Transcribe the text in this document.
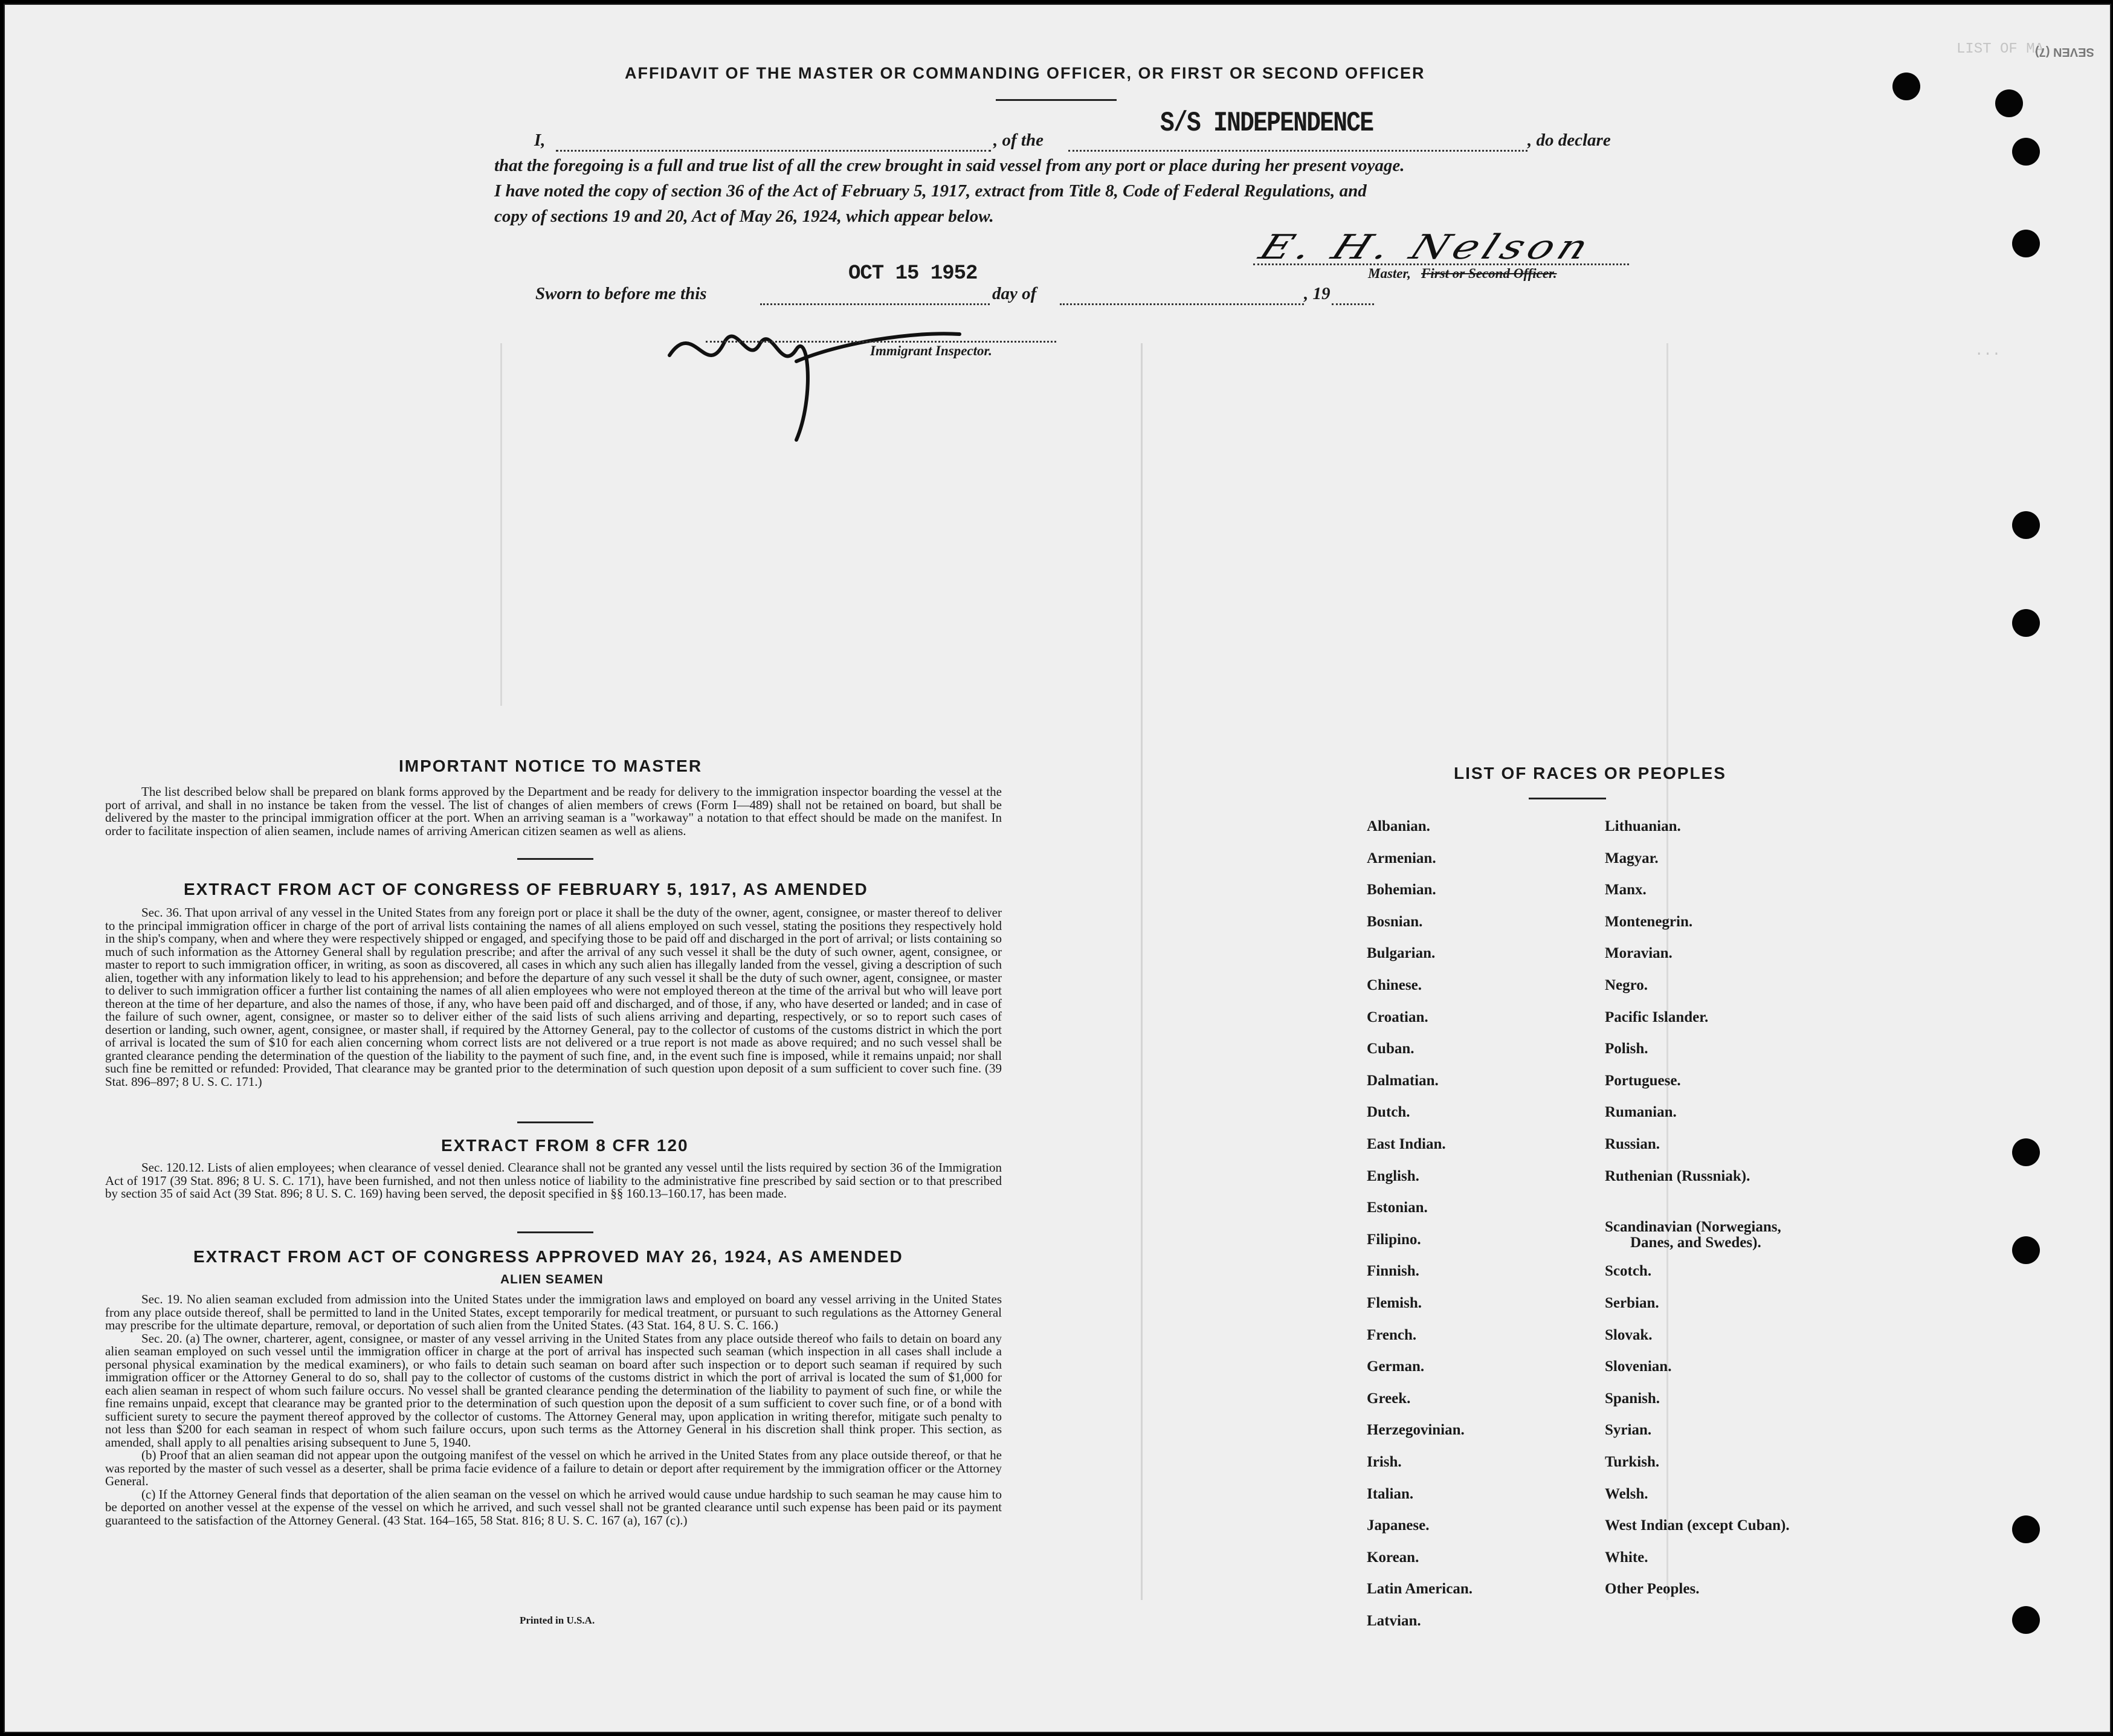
LIST OF MA
...
SEVEN (7)
AFFIDAVIT OF THE MASTER OR COMMANDING OFFICER, OR FIRST OR SECOND OFFICER
I,	, of the
S/S INDEPENDENCE
, do declare
that the foregoing is a full and true list of all the crew brought in said vessel from any port or place during her present voyage.
I have noted the copy of section 36 of the Act of February 5, 1917, extract from Title 8, Code of Federal Regulations, and
copy of sections 19 and 20, Act of May 26, 1924, which appear below.
E. H. Nelson
Master, First or Second Officer.
Sworn to before me this
OCT 15 1952
day of	, 19
Immigrant Inspector.
IMPORTANT NOTICE TO MASTER

The list described below shall be prepared on blank forms approved by the Department and be ready for delivery to the immigration inspector boarding the vessel at the port of arrival, and shall in no instance be taken from the vessel. The list of changes of alien members of crews (Form I—489) shall not be retained on board, but shall be delivered by the master to the principal immigration officer at the port. When an arriving seaman is a "workaway" a notation to that effect should be made on the manifest. In order to facilitate inspection of alien seamen, include names of arriving American citizen seamen as well as aliens.

EXTRACT FROM ACT OF CONGRESS OF FEBRUARY 5, 1917, AS AMENDED

Sec. 36. That upon arrival of any vessel in the United States from any foreign port or place it shall be the duty of the owner, agent, consignee, or master thereof to deliver to the principal immigration officer in charge of the port of arrival lists containing the names of all aliens employed on such vessel, stating the positions they respectively hold in the ship's company, when and where they were respectively shipped or engaged, and specifying those to be paid off and discharged in the port of arrival; or lists containing so much of such information as the Attorney General shall by regulation prescribe; and after the arrival of any such vessel it shall be the duty of such owner, agent, consignee, or master to report to such immigration officer, in writing, as soon as discovered, all cases in which any such alien has illegally landed from the vessel, giving a description of such alien, together with any information likely to lead to his apprehension; and before the departure of any such vessel it shall be the duty of such owner, agent, consignee, or master to deliver to such immigration officer a further list containing the names of all alien employees who were not employed thereon at the time of the arrival but who will leave port thereon at the time of her departure, and also the names of those, if any, who have been paid off and discharged, and of those, if any, who have deserted or landed; and in case of the failure of such owner, agent, consignee, or master so to deliver either of the said lists of such aliens arriving and departing, respectively, or so to report such cases of desertion or landing, such owner, agent, consignee, or master shall, if required by the Attorney General, pay to the collector of customs of the customs district in which the port of arrival is located the sum of $10 for each alien concerning whom correct lists are not delivered or a true report is not made as above required; and no such vessel shall be granted clearance pending the determination of the question of the liability to the payment of such fine, and, in the event such fine is imposed, while it remains unpaid; nor shall such fine be remitted or refunded: Provided, That clearance may be granted prior to the determination of such question upon deposit of a sum sufficient to cover such fine. (39 Stat. 896–897; 8 U. S. C. 171.)

EXTRACT FROM 8 CFR 120

Sec. 120.12. Lists of alien employees; when clearance of vessel denied. Clearance shall not be granted any vessel until the lists required by section 36 of the Immigration Act of 1917 (39 Stat. 896; 8 U. S. C. 171), have been furnished, and not then unless notice of liability to the administrative fine prescribed by said section or to that prescribed by section 35 of said Act (39 Stat. 896; 8 U. S. C. 169) having been served, the deposit specified in §§ 160.13–160.17, has been made.

EXTRACT FROM ACT OF CONGRESS APPROVED MAY 26, 1924, AS AMENDED
ALIEN SEAMEN

Sec. 19. No alien seaman excluded from admission into the United States under the immigration laws and employed on board any vessel arriving in the United States from any place outside thereof, shall be permitted to land in the United States, except temporarily for medical treatment, or pursuant to such regulations as the Attorney General may prescribe for the ultimate departure, removal, or deportation of such alien from the United States. (43 Stat. 164, 8 U. S. C. 166.)

Sec. 20. (a) The owner, charterer, agent, consignee, or master of any vessel arriving in the United States from any place outside thereof who fails to detain on board any alien seaman employed on such vessel until the immigration officer in charge at the port of arrival has inspected such seaman (which inspection in all cases shall include a personal physical examination by the medical examiners), or who fails to detain such seaman on board after such inspection or to deport such seaman if required by such immigration officer or the Attorney General to do so, shall pay to the collector of customs of the customs district in which the port of arrival is located the sum of $1,000 for each alien seaman in respect of whom such failure occurs. No vessel shall be granted clearance pending the determination of the liability to payment of such fine, or while the fine remains unpaid, except that clearance may be granted prior to the determination of such question upon the deposit of a sum sufficient to cover such fine, or of a bond with sufficient surety to secure the payment thereof approved by the collector of customs. The Attorney General may, upon application in writing therefor, mitigate such penalty to not less than $200 for each seaman in respect of whom such failure occurs, upon such terms as the Attorney General in his discretion shall think proper. This section, as amended, shall apply to all penalties arising subsequent to June 5, 1940.

(b) Proof that an alien seaman did not appear upon the outgoing manifest of the vessel on which he arrived in the United States from any place outside thereof, or that he was reported by the master of such vessel as a deserter, shall be prima facie evidence of a failure to detain or deport after requirement by the immigration officer or the Attorney General.

(c) If the Attorney General finds that deportation of the alien seaman on the vessel on which he arrived would cause undue hardship to such seaman he may cause him to be deported on another vessel at the expense of the vessel on which he arrived, and such vessel shall not be granted clearance until such expense has been paid or its payment guaranteed to the satisfaction of the Attorney General. (43 Stat. 164–165, 58 Stat. 816; 8 U. S. C. 167 (a), 167 (c).)

Printed in U.S.A.
LIST OF RACES OR PEOPLES
Albanian.
Armenian.
Bohemian.
Bosnian.
Bulgarian.
Chinese.
Croatian.
Cuban.
Dalmatian.
Dutch.
East Indian.
English.
Estonian.
Filipino.
Finnish.
Flemish.
French.
German.
Greek.
Herzegovinian.
Irish.
Italian.
Japanese.
Korean.
Latin American.
Latvian.
Lithuanian.
Magyar.
Manx.
Montenegrin.
Moravian.
Negro.
Pacific Islander.
Polish.
Portuguese.
Rumanian.
Russian.
Ruthenian (Russniak).
Scandinavian (Norwegians,
Danes, and Swedes).
Scotch.
Serbian.
Slovak.
Slovenian.
Spanish.
Syrian.
Turkish.
Welsh.
West Indian (except Cuban).
White.
Other Peoples.
